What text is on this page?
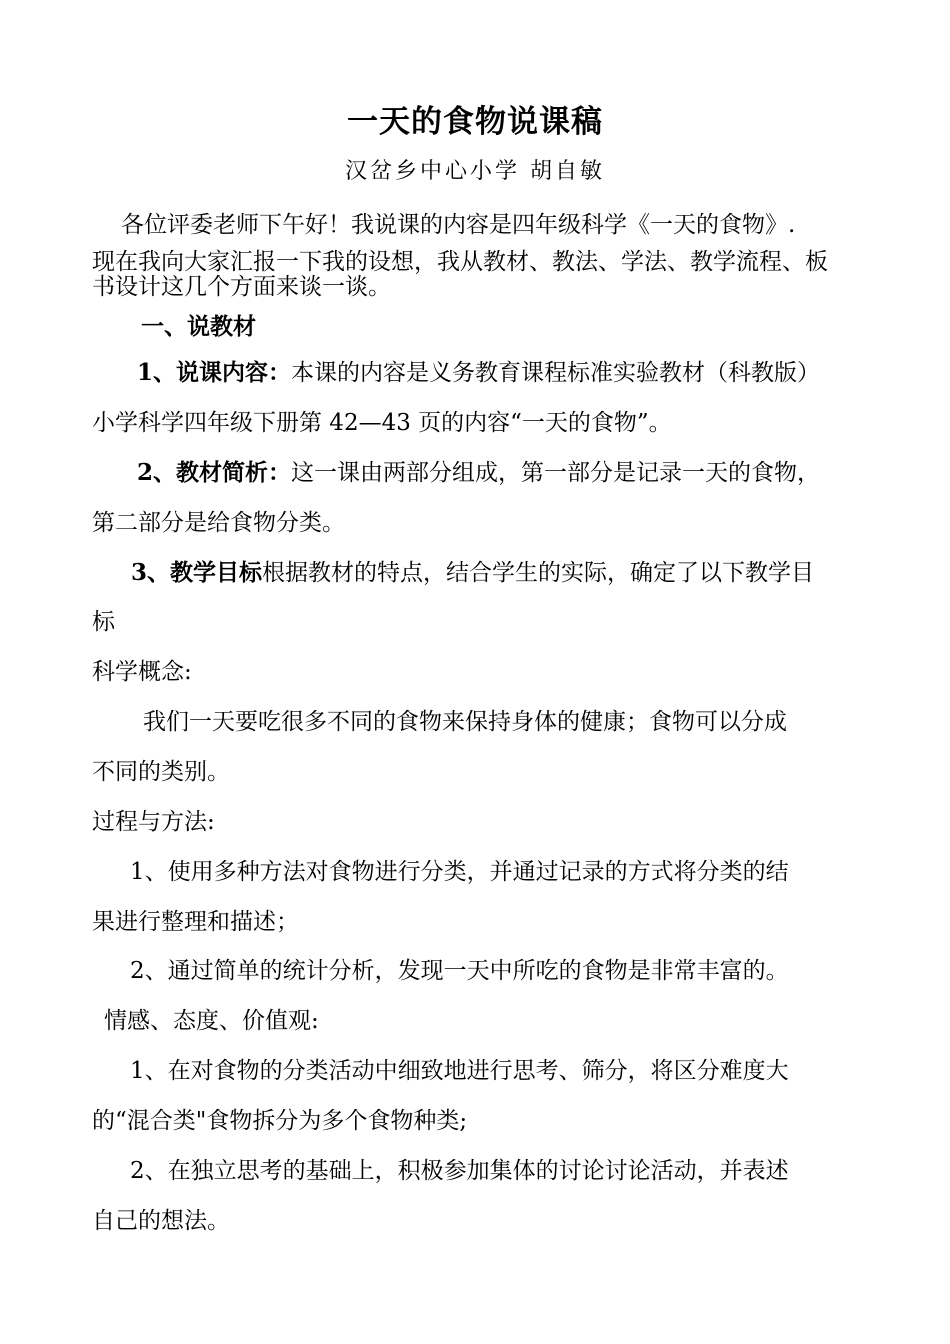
一天的食物说课稿
汉岔乡中心小学 胡自敏
各位评委老师下午好！我说课的内容是四年级科学《一天的食物》.
现在我向大家汇报一下我的设想，我从教材、教法、学法、教学流程、板
书设计这几个方面来谈一谈。
一、说教材
1、说课内容：本课的内容是义务教育课程标准实验教材（科教版）
小学科学四年级下册第 42—43 页的内容“一天的食物”。
2、教材简析：这一课由两部分组成，第一部分是记录一天的食物，
第二部分是给食物分类。
3、教学目标根据教材的特点，结合学生的实际，确定了以下教学目
标
科学概念:
我们一天要吃很多不同的食物来保持身体的健康；食物可以分成
不同的类别。
过程与方法:
1、使用多种方法对食物进行分类，并通过记录的方式将分类的结
果进行整理和描述；
2、通过简单的统计分析，发现一天中所吃的食物是非常丰富的。
情感、态度、价值观:
1、在对食物的分类活动中细致地进行思考、筛分，将区分难度大
的“混合类"食物拆分为多个食物种类;
2、在独立思考的基础上，积极参加集体的讨论讨论活动，并表述
自己的想法。
